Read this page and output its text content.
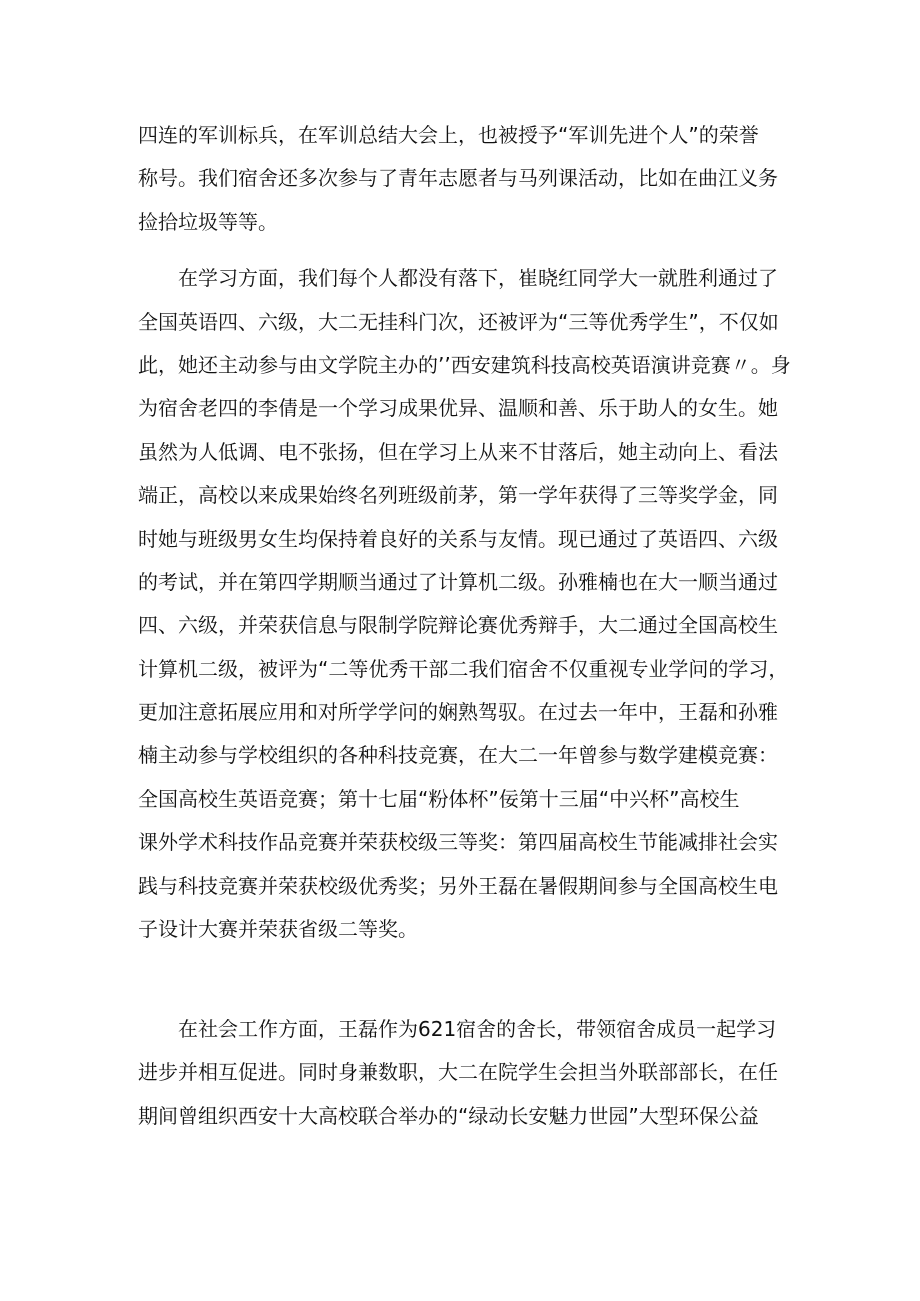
四连的军训标兵，在军训总结大会上，也被授予“军训先进个人”的荣誉
称号。我们宿舍还多次参与了青年志愿者与马列课活动，比如在曲江义务
捡拾垃圾等等。
　　在学习方面，我们每个人都没有落下，崔晓红同学大一就胜利通过了
全国英语四、六级，大二无挂科门次，还被评为“三等优秀学生”，不仅如
此，她还主动参与由文学院主办的’’西安建筑科技高校英语演讲竞赛〃。身
为宿舍老四的李倩是一个学习成果优异、温顺和善、乐于助人的女生。她
虽然为人低调、电不张扬，但在学习上从来不甘落后，她主动向上、看法
端正，高校以来成果始终名列班级前茅，第一学年获得了三等奖学金，同
时她与班级男女生均保持着良好的关系与友情。现已通过了英语四、六级
的考试，并在第四学期顺当通过了计算机二级。孙雅楠也在大一顺当通过
四、六级，并荣获信息与限制学院辩论赛优秀辩手，大二通过全国高校生
计算机二级，被评为“二等优秀干部二我们宿舍不仅重视专业学问的学习，
更加注意拓展应用和对所学学问的娴熟驾驭。在过去一年中，王磊和孙雅
楠主动参与学校组织的各种科技竞赛，在大二一年曾参与数学建模竞赛：
全国高校生英语竞赛；第十七届“粉体杯”佞第十三届“中兴杯”高校生
课外学术科技作品竞赛并荣获校级三等奖：第四届高校生节能减排社会实
践与科技竞赛并荣获校级优秀奖；另外王磊在暑假期间参与全国高校生电
子设计大赛并荣获省级二等奖。
　　在社会工作方面，王磊作为621宿舍的舍长，带领宿舍成员一起学习
进步并相互促进。同时身兼数职，大二在院学生会担当外联部部长，在任
期间曾组织西安十大高校联合举办的“绿动长安魅力世园”大型环保公益
